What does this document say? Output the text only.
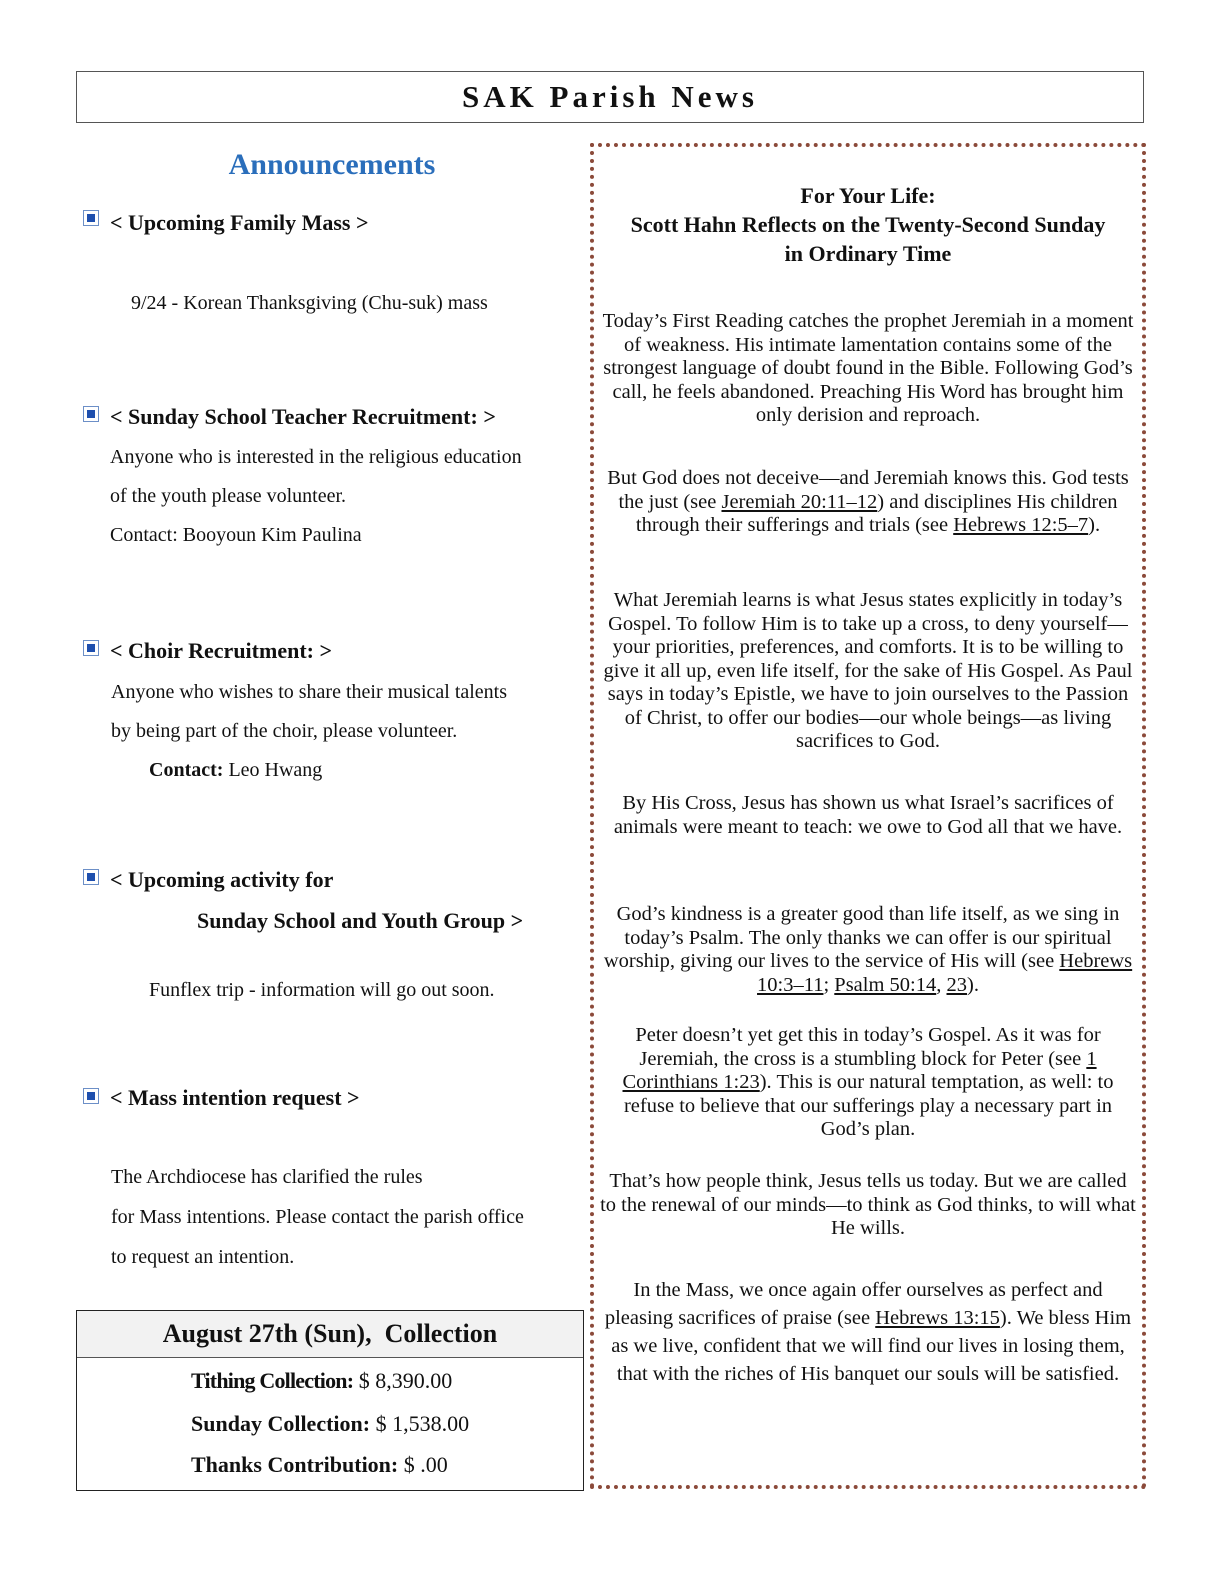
SAK Parish News
Announcements
< Upcoming Family Mass >
9/24 - Korean Thanksgiving (Chu-suk) mass
< Sunday School Teacher Recruitment: >
Anyone who is interested in the religious education
of the youth please volunteer.
Contact: Booyoun Kim Paulina
< Choir Recruitment: >
Anyone who wishes to share their musical talents
by being part of the choir, please volunteer.
Contact: Leo Hwang
< Upcoming activity for
Sunday School and Youth Group >
Funflex trip - information will go out soon.
< Mass intention request >
The Archdiocese has clarified the rules
for Mass intentions. Please contact the parish office
to request an intention.
August 27th (Sun),  Collection
Tithing Collection: $ 8,390.00
Sunday Collection: $ 1,538.00
Thanks Contribution: $ .00
For Your Life:
Scott Hahn Reflects on the Twenty-Second Sunday
in Ordinary Time
Today’s First Reading catches the prophet Jeremiah in a moment of weakness. His intimate lamentation contains some of the strongest language of doubt found in the Bible. Following God’s call, he feels abandoned. Preaching His Word has brought him only derision and reproach.
But God does not deceive—and Jeremiah knows this. God tests the just (see Jeremiah 20:11–12) and disciplines His children through their sufferings and trials (see Hebrews 12:5–7).
What Jeremiah learns is what Jesus states explicitly in today’s Gospel. To follow Him is to take up a cross, to deny yourself—your priorities, preferences, and comforts. It is to be willing to give it all up, even life itself, for the sake of His Gospel. As Paul says in today’s Epistle, we have to join ourselves to the Passion of Christ, to offer our bodies—our whole beings—as living sacrifices to God.
By His Cross, Jesus has shown us what Israel’s sacrifices of animals were meant to teach: we owe to God all that we have.
God’s kindness is a greater good than life itself, as we sing in today’s Psalm. The only thanks we can offer is our spiritual worship, giving our lives to the service of His will (see Hebrews 10:3–11; Psalm 50:14, 23).
Peter doesn’t yet get this in today’s Gospel. As it was for Jeremiah, the cross is a stumbling block for Peter (see 1 Corinthians 1:23). This is our natural temptation, as well: to refuse to believe that our sufferings play a necessary part in God’s plan.
That’s how people think, Jesus tells us today. But we are called to the renewal of our minds—to think as God thinks, to will what He wills.
In the Mass, we once again offer ourselves as perfect and pleasing sacrifices of praise (see Hebrews 13:15). We bless Him as we live, confident that we will find our lives in losing them, that with the riches of His banquet our souls will be satisfied.
